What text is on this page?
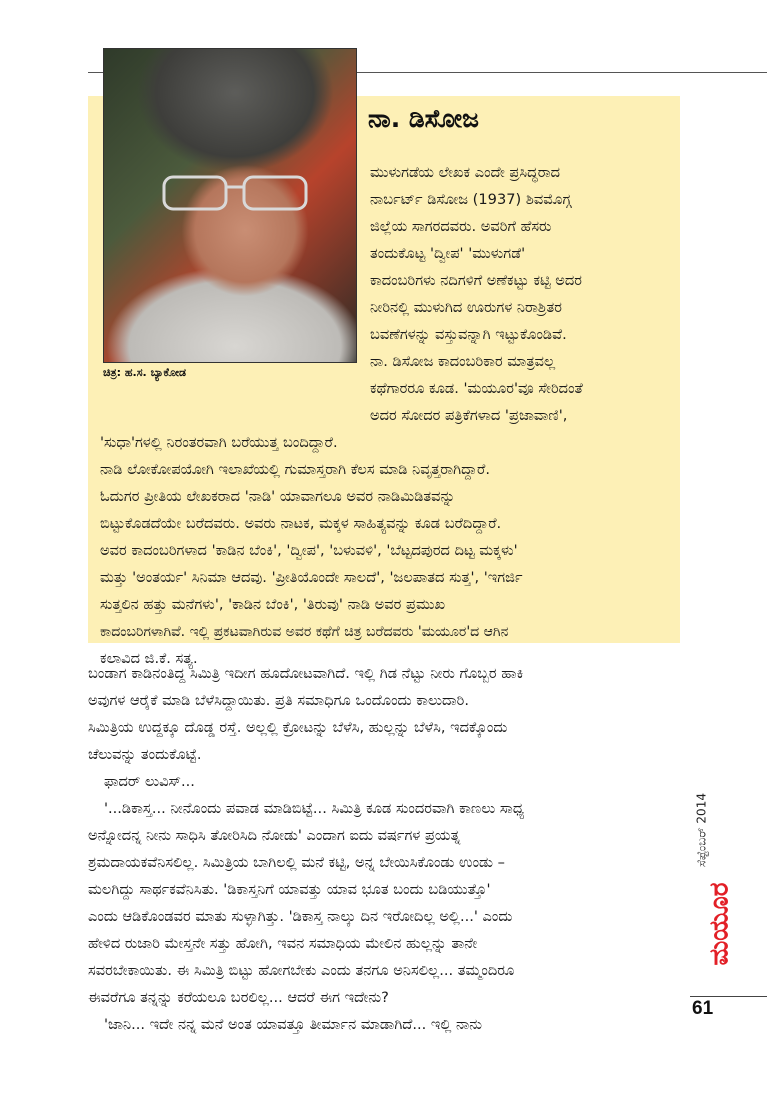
ಚಿತ್ರ: ಹ.ಸ. ಬ್ಯಾಕೋಡ
ನಾ. ಡಿಸೋಜ
ಮುಳುಗಡೆಯ ಲೇಖಕ ಎಂದೇ ಪ್ರಸಿದ್ಧರಾದ
ನಾರ್ಬರ್ಟ್ ಡಿಸೋಜ (1937) ಶಿವಮೊಗ್ಗ
ಜಿಲ್ಲೆಯ ಸಾಗರದವರು. ಅವರಿಗೆ ಹೆಸರು
ತಂದುಕೊಟ್ಟ 'ದ್ವೀಪ' 'ಮುಳುಗಡೆ'
ಕಾದಂಬರಿಗಳು ನದಿಗಳಿಗೆ ಅಣೆಕಟ್ಟು ಕಟ್ಟಿ ಅದರ
ನೀರಿನಲ್ಲಿ ಮುಳುಗಿದ ಊರುಗಳ ನಿರಾಶ್ರಿತರ
ಬವಣೆಗಳನ್ನು ವಸ್ತುವನ್ನಾಗಿ ಇಟ್ಟುಕೊಂಡಿವೆ.
ನಾ. ಡಿಸೋಜ ಕಾದಂಬರಿಕಾರ ಮಾತ್ರವಲ್ಲ
ಕಥೆಗಾರರೂ ಕೂಡ. 'ಮಯೂರ'ವೂ ಸೇರಿದಂತೆ
ಅದರ ಸೋದರ ಪತ್ರಿಕೆಗಳಾದ 'ಪ್ರಜಾವಾಣಿ',
'ಸುಧಾ'ಗಳಲ್ಲಿ ನಿರಂತರವಾಗಿ ಬರೆಯುತ್ತ ಬಂದಿದ್ದಾರೆ.
ನಾಡಿ ಲೋಕೋಪಯೋಗಿ ಇಲಾಖೆಯಲ್ಲಿ ಗುಮಾಸ್ತರಾಗಿ ಕೆಲಸ ಮಾಡಿ ನಿವೃತ್ತರಾಗಿದ್ದಾರೆ.
ಓದುಗರ ಪ್ರೀತಿಯ ಲೇಖಕರಾದ 'ನಾಡಿ' ಯಾವಾಗಲೂ ಅವರ ನಾಡಿಮಿಡಿತವನ್ನು
ಬಿಟ್ಟುಕೊಡದೆಯೇ ಬರೆದವರು. ಅವರು ನಾಟಕ, ಮಕ್ಕಳ ಸಾಹಿತ್ಯವನ್ನು ಕೂಡ ಬರೆದಿದ್ದಾರೆ.
ಅವರ ಕಾದಂಬರಿಗಳಾದ 'ಕಾಡಿನ ಬೆಂಕಿ', 'ದ್ವೀಪ', 'ಬಳುವಳಿ', 'ಬೆಟ್ಟದಪುರದ ದಿಟ್ಟ ಮಕ್ಕಳು'
ಮತ್ತು 'ಅಂತರ್ಯ' ಸಿನಿಮಾ ಆದವು. 'ಪ್ರೀತಿಯೊಂದೇ ಸಾಲದೆ', 'ಜಲಪಾತದ ಸುತ್ತ', 'ಇಗರ್ಜಿ
ಸುತ್ತಲಿನ ಹತ್ತು ಮನೆಗಳು', 'ಕಾಡಿನ ಬೆಂಕಿ', 'ತಿರುವು' ನಾಡಿ ಅವರ ಪ್ರಮುಖ
ಕಾದಂಬರಿಗಳಾಗಿವೆ. ಇಲ್ಲಿ ಪ್ರಕಟವಾಗಿರುವ ಅವರ ಕಥೆಗೆ ಚಿತ್ರ ಬರೆದವರು 'ಮಯೂರ'ದ ಆಗಿನ
ಕಲಾವಿದ ಜಿ.ಕೆ. ಸತ್ಯ.
ಬಂಡಾಗ ಕಾಡಿನಂತಿದ್ದ ಸಿಮಿತ್ರಿ ಇದೀಗ ಹೂದೋಟವಾಗಿದೆ. ಇಲ್ಲಿ ಗಿಡ ನೆಟ್ಟು ನೀರು ಗೊಬ್ಬರ ಹಾಕಿ
ಅವುಗಳ ಆರೈಕೆ ಮಾಡಿ ಬೆಳೆಸಿದ್ದಾಯಿತು. ಪ್ರತಿ ಸಮಾಧಿಗೂ ಒಂದೊಂದು ಕಾಲುದಾರಿ.
ಸಿಮಿತ್ರಿಯ ಉದ್ದಕ್ಕೂ ದೊಡ್ಡ ರಸ್ತೆ. ಅಲ್ಲಲ್ಲಿ ಕ್ರೋಟನ್ನು ಬೆಳೆಸಿ, ಹುಲ್ಲನ್ನು ಬೆಳೆಸಿ, ಇದಕ್ಕೊಂದು
ಚೆಲುವನ್ನು ತಂದುಕೊಟ್ಟೆ.
ಫಾದರ್ ಲುವಿಸ್...
'...ಡಿಕಾಸ್ತ... ನೀನೊಂದು ಪವಾಡ ಮಾಡಿಬಿಟ್ಟೆ... ಸಿಮಿತ್ರಿ ಕೂಡ ಸುಂದರವಾಗಿ ಕಾಣಲು ಸಾಧ್ಯ
ಅನ್ನೋದನ್ನ ನೀನು ಸಾಧಿಸಿ ತೋರಿಸಿದಿ ನೋಡು' ಎಂದಾಗ ಐದು ವರ್ಷಗಳ ಪ್ರಯತ್ನ
ಶ್ರಮದಾಯಕವೆನಿಸಲಿಲ್ಲ. ಸಿಮಿತ್ರಿಯ ಬಾಗಿಲಲ್ಲಿ ಮನೆ ಕಟ್ಟಿ, ಅನ್ನ ಬೇಯಿಸಿಕೊಂಡು ಉಂಡು –
ಮಲಗಿದ್ದು ಸಾರ್ಥಕವೆನಿಸಿತು. 'ಡಿಕಾಸ್ತನಿಗೆ ಯಾವತ್ತು ಯಾವ ಭೂತ ಬಂದು ಬಡಿಯುತ್ತೊ'
ಎಂದು ಆಡಿಕೊಂಡವರ ಮಾತು ಸುಳ್ಳಾಗಿತ್ತು. 'ಡಿಕಾಸ್ತ ನಾಲ್ಕು ದಿನ ಇರೋದಿಲ್ಲ ಅಲ್ಲಿ...' ಎಂದು
ಹೇಳಿದ ರುಜಾರಿ ಮೇಸ್ತನೇ ಸತ್ತು ಹೋಗಿ, ಇವನ ಸಮಾಧಿಯ ಮೇಲಿನ ಹುಲ್ಲನ್ನು ತಾನೇ
ಸವರಬೇಕಾಯಿತು. ಈ ಸಿಮಿತ್ರಿ ಬಿಟ್ಟು ಹೋಗಬೇಕು ಎಂದು ತನಗೂ ಅನಿಸಲಿಲ್ಲ... ತಮ್ಮಂದಿರೂ
ಈವರೆಗೂ ತನ್ನನ್ನು ಕರೆಯಲೂ ಬರಲಿಲ್ಲ... ಆದರೆ ಈಗ ಇದೇನು?
'ಜಾನಿ... ಇದೇ ನನ್ನ ಮನೆ ಅಂತ ಯಾವತ್ತೂ ತೀರ್ಮಾನ ಮಾಡಾಗಿದೆ... ಇಲ್ಲಿ ನಾನು
ಸೆಪ್ಟೆಂಬರ್ 2014
ಮಯೂರ
61
